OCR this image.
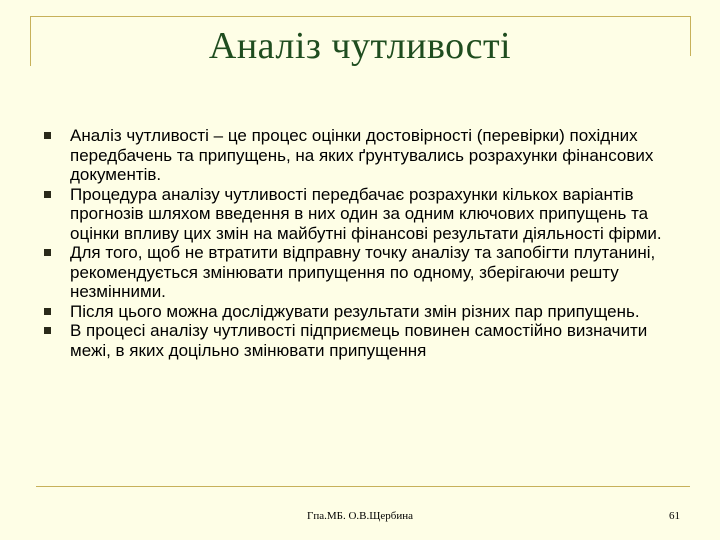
Аналіз чутливості
Аналіз чутливості – це процес оцінки достовірності (перевірки) похідних передбачень та припущень, на яких ґрунтувались розрахунки фінансових документів.
Процедура аналізу чутливості передбачає розрахунки кількох варіантів прогнозів шляхом введення в них один за одним ключових припущень та оцінки впливу цих змін на майбутні фінансові результати діяльності фірми.
Для того, щоб не втратити відправну точку аналізу та запобігти плутанині, рекомендується змінювати припущення по одному, зберігаючи решту незмінними.
Після цього можна досліджувати результати змін різних пар припущень.
В процесі аналізу чутливості підприємець повинен самостійно визначити межі, в яких доцільно змінювати припущення
Гпа.МБ. О.В.Щербина	61
